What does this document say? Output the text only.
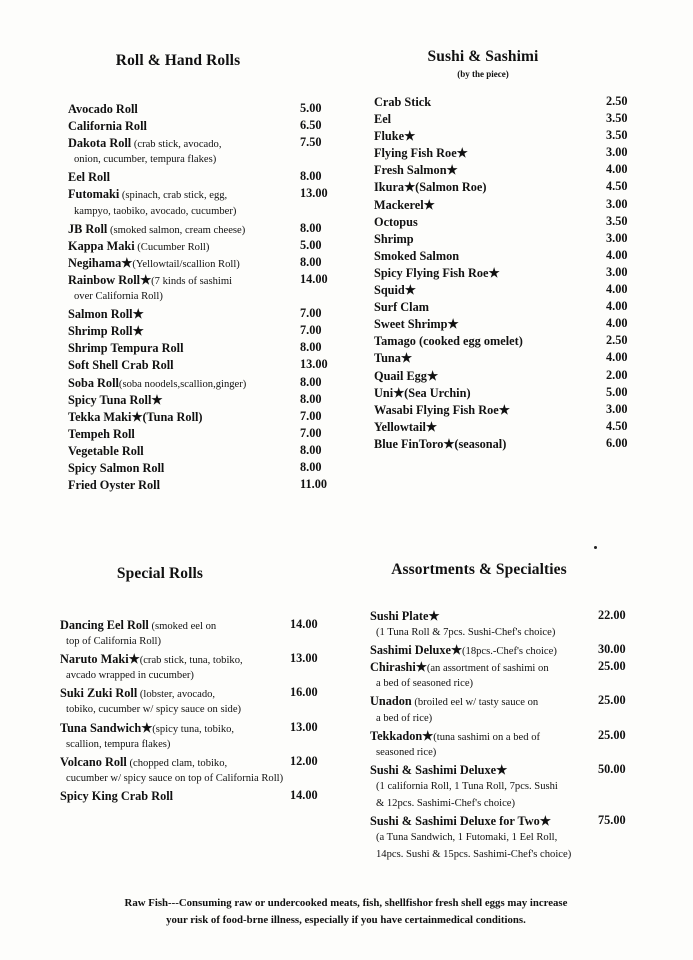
Roll & Hand Rolls
Avocado Roll	5.00
California Roll	6.50
Dakota Roll (crab stick, avocado,	7.50
onion, cucumber, tempura flakes)
Eel Roll	8.00
Futomaki (spinach, crab stick, egg,	13.00
kampyo, taobiko, avocado, cucumber)
JB Roll (smoked salmon, cream cheese)	8.00
Kappa Maki (Cucumber Roll)	5.00
Negihama★(Yellowtail/scallion Roll)	8.00
Rainbow Roll★(7 kinds of sashimi	14.00
over California Roll)
Salmon Roll★	7.00
Shrimp Roll★	7.00
Shrimp Tempura Roll	8.00
Soft Shell Crab Roll	13.00
Soba Roll(soba noodels,scallion,ginger)	8.00
Spicy Tuna Roll★	8.00
Tekka Maki★(Tuna Roll)	7.00
Tempeh Roll	7.00
Vegetable Roll	8.00
Spicy Salmon Roll	8.00
Fried Oyster Roll	11.00
Sushi & Sashimi
(by the piece)
Crab Stick	2.50
Eel	3.50
Fluke★	3.50
Flying Fish Roe★	3.00
Fresh Salmon★	4.00
Ikura★(Salmon Roe)	4.50
Mackerel★	3.00
Octopus	3.50
Shrimp	3.00
Smoked Salmon	4.00
Spicy Flying Fish Roe★	3.00
Squid★	4.00
Surf Clam	4.00
Sweet Shrimp★	4.00
Tamago (cooked egg omelet)	2.50
Tuna★	4.00
Quail Egg★	2.00
Uni★(Sea Urchin)	5.00
Wasabi Flying Fish Roe★	3.00
Yellowtail★	4.50
Blue FinToro★(seasonal)	6.00
Special Rolls
Dancing Eel Roll (smoked eel on	14.00
top of California Roll)
Naruto Maki★(crab stick, tuna, tobiko,	13.00
avcado wrapped in cucumber)
Suki Zuki Roll (lobster, avocado,	16.00
tobiko, cucumber w/ spicy sauce on side)
Tuna Sandwich★(spicy tuna, tobiko,	13.00
scallion, tempura flakes)
Volcano Roll (chopped clam, tobiko,	12.00
cucumber w/ spicy sauce on top of California Roll)
Spicy King Crab Roll	14.00
Assortments & Specialties
Sushi Plate★	22.00
(1 Tuna Roll & 7pcs. Sushi-Chef's choice)
Sashimi Deluxe★(18pcs.-Chef's choice)	30.00
Chirashi★(an assortment of sashimi on	25.00
a bed of seasoned rice)
Unadon (broiled eel w/ tasty sauce on	25.00
a bed of rice)
Tekkadon★(tuna sashimi on a bed of	25.00
seasoned rice)
Sushi & Sashimi Deluxe★	50.00
(1 california Roll, 1 Tuna Roll, 7pcs. Sushi
& 12pcs. Sashimi-Chef's choice)
Sushi & Sashimi Deluxe for Two★	75.00
(a Tuna Sandwich, 1 Futomaki, 1 Eel Roll,
14pcs. Sushi & 15pcs. Sashimi-Chef's choice)
Raw Fish---Consuming raw or undercooked meats, fish, shellfishor fresh shell eggs may increase
your risk of food-brne illness, especially if you have certainmedical conditions.
